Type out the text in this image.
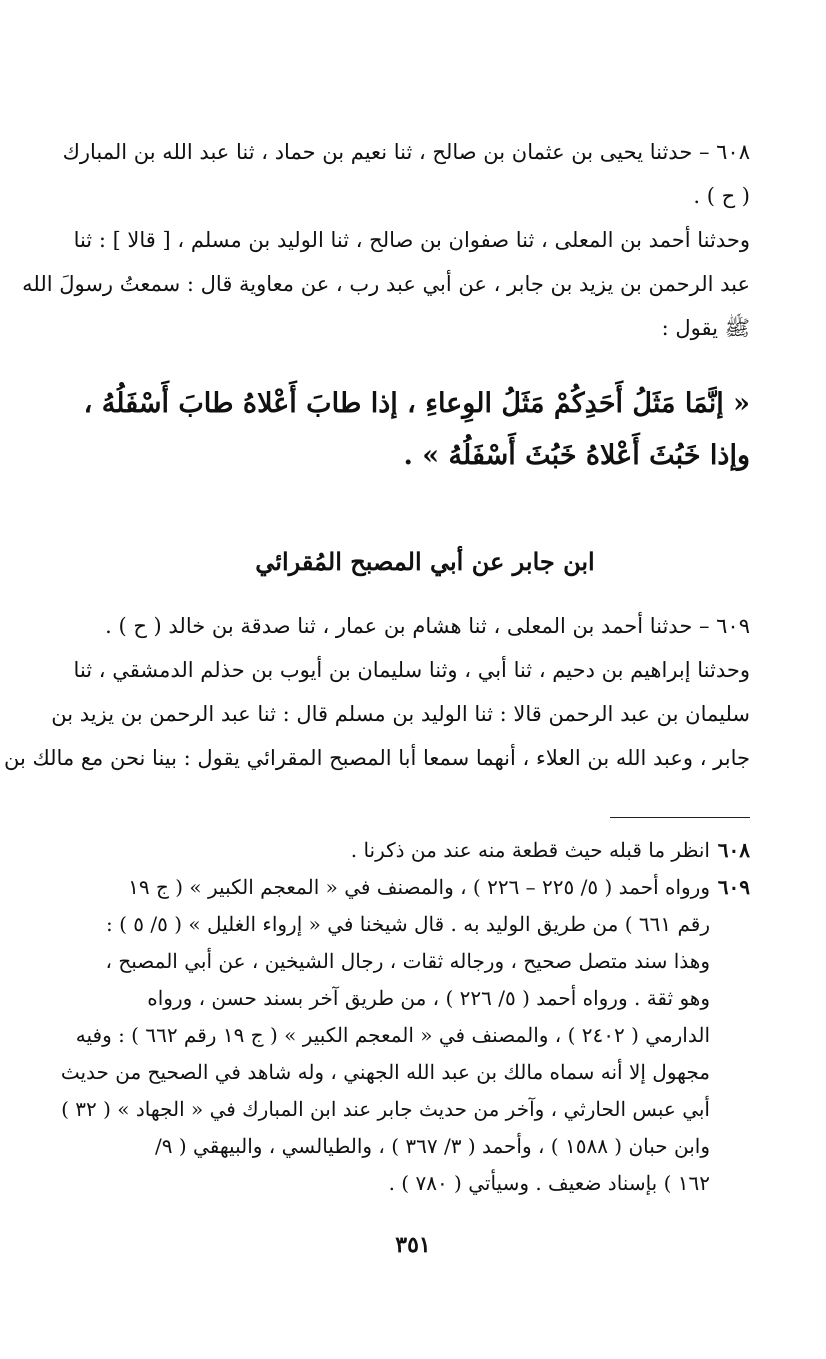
٦٠٨ – حدثنا يحيى بن عثمان بن صالح ، ثنا نعيم بن حماد ، ثنا عبد الله بن المبارك
( ح ) .
وحدثنا أحمد بن المعلى ، ثنا صفوان بن صالح ، ثنا الوليد بن مسلم ، [ قالا ] : ثنا
عبد الرحمن بن يزيد بن جابر ، عن أبي عبد رب ، عن معاوية قال : سمعتُ رسولَ الله
ﷺ يقول :
« إنَّمَا مَثَلُ أَحَدِكُمْ مَثَلُ الوِعاءِ ، إذا طابَ أَعْلاهُ طابَ أَسْفَلُهُ ،
وإذا خَبُثَ أَعْلاهُ خَبُثَ أَسْفَلُهُ » .
ابن جابر عن أبي المصبح المُقرائي
٦٠٩ – حدثنا أحمد بن المعلى ، ثنا هشام بن عمار ، ثنا صدقة بن خالد ( ح ) .
وحدثنا إبراهيم بن دحيم ، ثنا أبي ، وثنا سليمان بن أيوب بن حذلم الدمشقي ، ثنا
سليمان بن عبد الرحمن قالا : ثنا الوليد بن مسلم قال : ثنا عبد الرحمن بن يزيد بن
جابر ، وعبد الله بن العلاء ، أنهما سمعا أبا المصبح المقرائي يقول : بينا نحن مع مالك بن
٦٠٨
انظر ما قبله حيث قطعة منه عند من ذكرنا .
٦٠٩
ورواه أحمد ( ٥/ ٢٢٥ – ٢٢٦ ) ، والمصنف في « المعجم الكبير » ( ج ١٩
رقم ٦٦١ ) من طريق الوليد به . قال شيخنا في « إرواء الغليل » ( ٥/ ٥ ) :
وهذا سند متصل صحيح ، ورجاله ثقات ، رجال الشيخين ، عن أبي المصبح ،
وهو ثقة . ورواه أحمد ( ٥/ ٢٢٦ ) ، من طريق آخر بسند حسن ، ورواه
الدارمي ( ٢٤٠٢ ) ، والمصنف في « المعجم الكبير » ( ج ١٩ رقم ٦٦٢ ) : وفيه
مجهول إلا أنه سماه مالك بن عبد الله الجهني ، وله شاهد في الصحيح من حديث
أبي عبس الحارثي ، وآخر من حديث جابر عند ابن المبارك في « الجهاد » ( ٣٢ )
وابن حبان ( ١٥٨٨ ) ، وأحمد ( ٣/ ٣٦٧ ) ، والطيالسي ، والبيهقي ( ٩/
١٦٢ ) بإسناد ضعيف . وسيأتي ( ٧٨٠ ) .
٣٥١
